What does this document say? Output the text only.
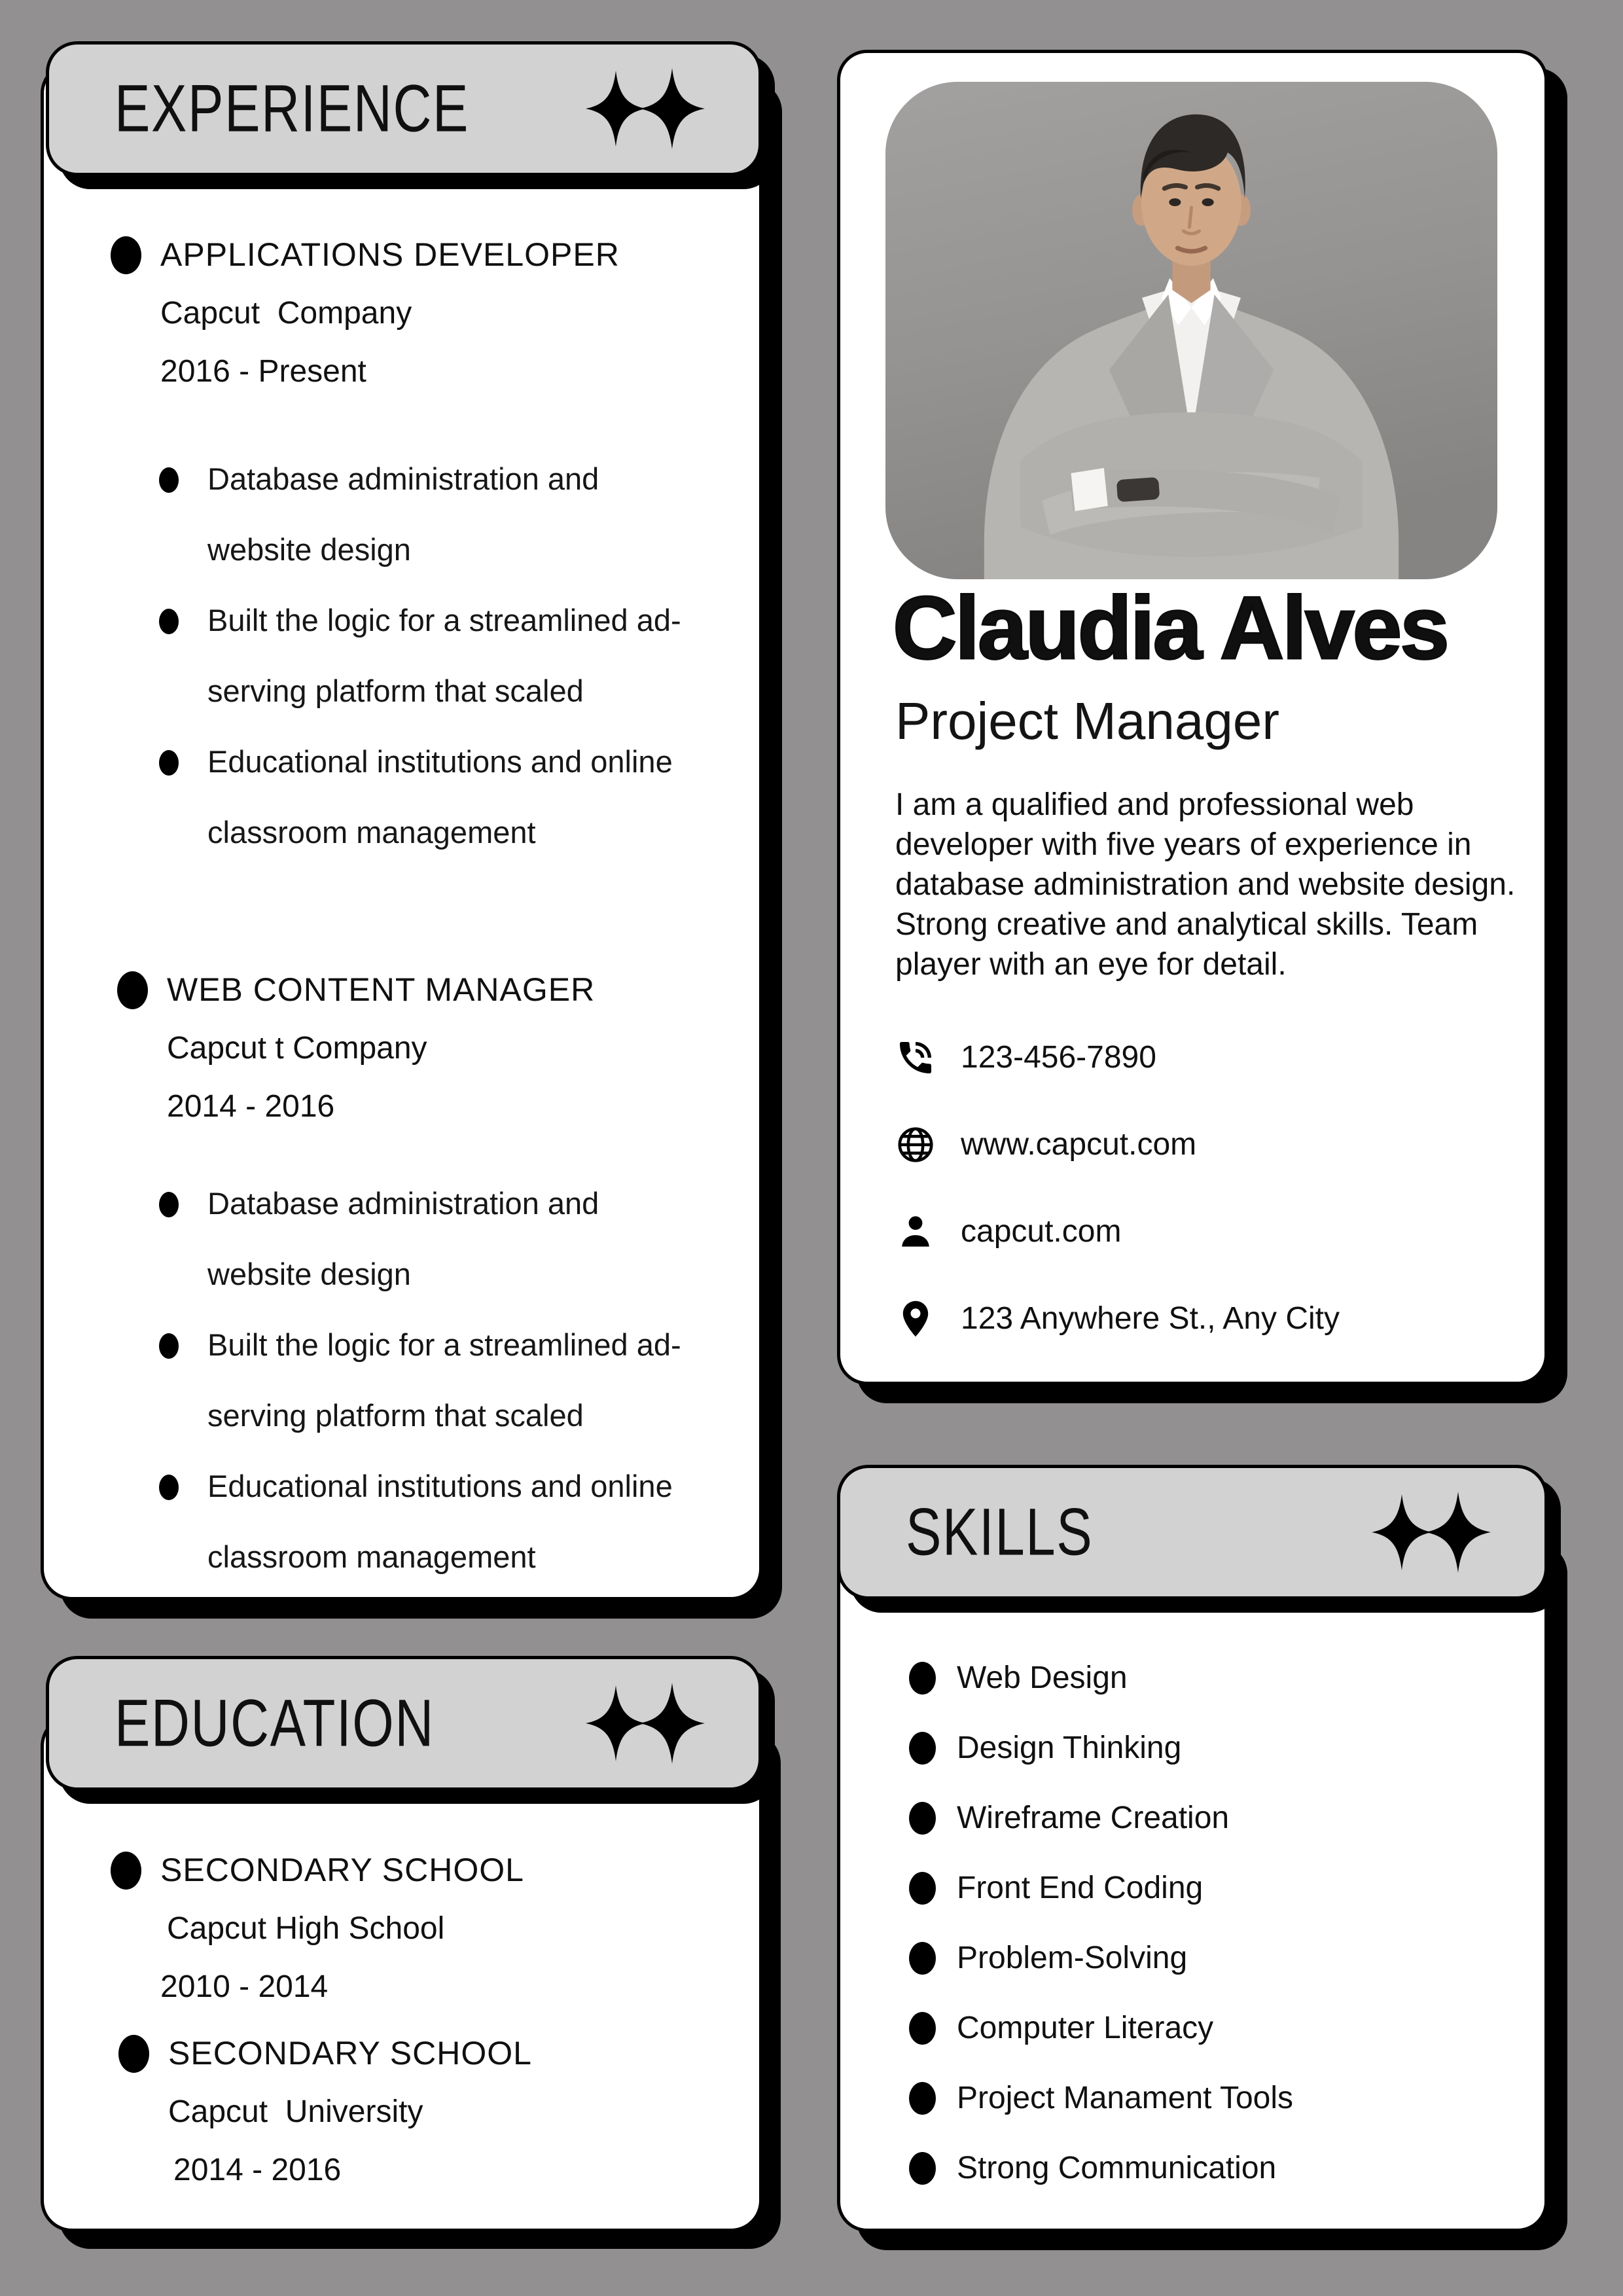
APPLICATIONS DEVELOPER
Capcut  Company
2016 - Present
Database administration and
website design
Built the logic for a streamlined ad-
serving platform that scaled
Educational institutions and online
classroom management
WEB CONTENT MANAGER
Capcut t Company
2014 - 2016
Database administration and
website design
Built the logic for a streamlined ad-
serving platform that scaled
Educational institutions and online
classroom management
EXPERIENCE
SECONDARY SCHOOL
Capcut High School
2010 - 2014
SECONDARY SCHOOL
Capcut  University
2014 - 2016
EDUCATION
Claudia Alves
Project Manager
I am a qualified and professional web developer with five years of experience in database administration and website design. Strong creative and analytical skills. Team player with an eye for detail.
123-456-7890
www.capcut.com
capcut.com
123 Anywhere St., Any City
Web Design
Design Thinking
Wireframe Creation
Front End Coding
Problem-Solving
Computer Literacy
Project Manament Tools
Strong Communication
SKILLS
